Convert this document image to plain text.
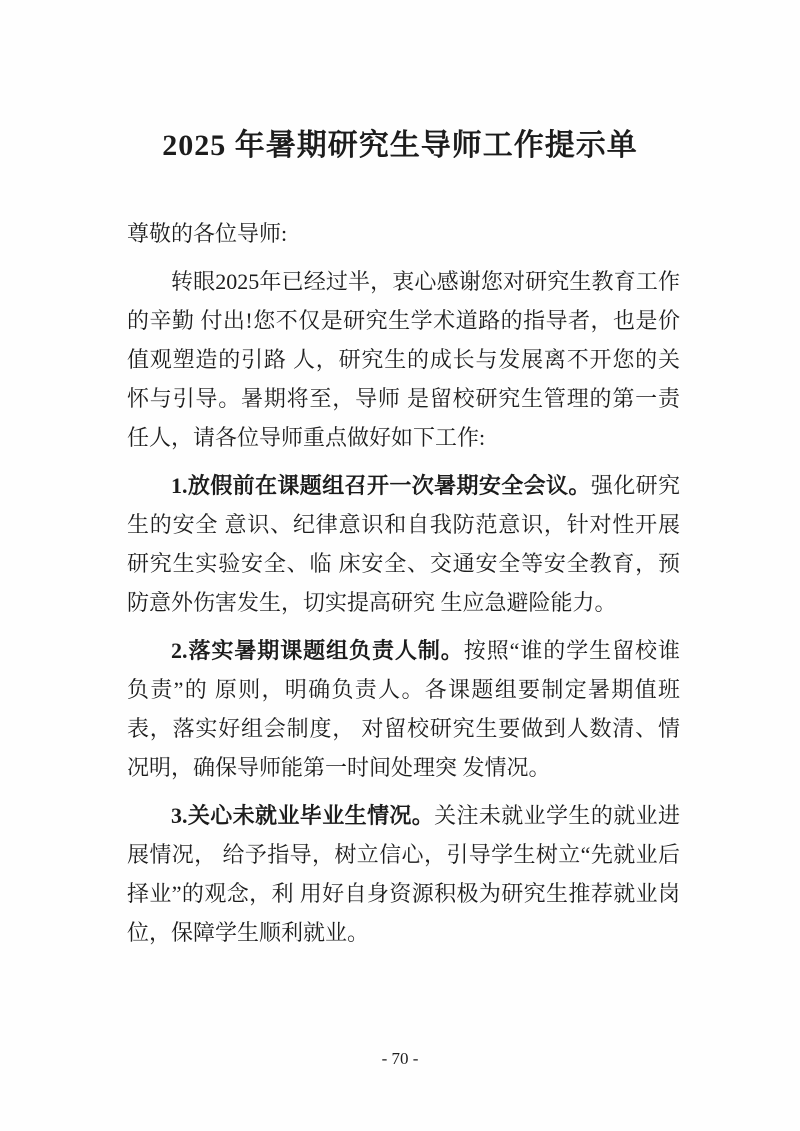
2025 年暑期研究生导师工作提示单

尊敬的各位导师:

转眼2025年已经过半，衷心感谢您对研究生教育工作的辛勤 付出!您不仅是研究生学术道路的指导者，也是价值观塑造的引路 人，研究生的成长与发展离不开您的关怀与引导。暑期将至，导师 是留校研究生管理的第一责任人，请各位导师重点做好如下工作:

1.放假前在课题组召开一次暑期安全会议。强化研究生的安全 意识、纪律意识和自我防范意识，针对性开展研究生实验安全、临 床安全、交通安全等安全教育，预防意外伤害发生，切实提高研究 生应急避险能力。

2.落实暑期课题组负责人制。按照“谁的学生留校谁负责”的 原则，明确负责人。各课题组要制定暑期值班表，落实好组会制度， 对留校研究生要做到人数清、情况明，确保导师能第一时间处理突 发情况。

3.关心未就业毕业生情况。关注未就业学生的就业进展情况， 给予指导，树立信心，引导学生树立“先就业后择业”的观念，利 用好自身资源积极为研究生推荐就业岗位，保障学生顺利就业。

- 70 -
